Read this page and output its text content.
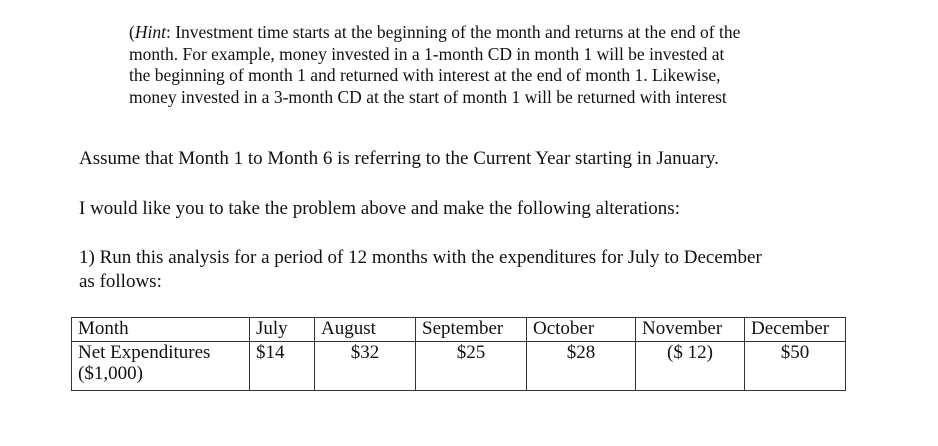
(Hint: Investment time starts at the beginning of the month and returns at the end of the
month. For example, money invested in a 1-month CD in month 1 will be invested at
the beginning of month 1 and returned with interest at the end of month 1. Likewise,
money invested in a 3-month CD at the start of month 1 will be returned with interest

Assume that Month 1 to Month 6 is referring to the Current Year starting in January.

I would like you to take the problem above and make the following alterations:

1) Run this analysis for a period of 12 months with the expenditures for July to December

as follows:

Month	July	August	September	October	November	December
Net Expenditures
($1,000)	$14	$32	$25	$28	($ 12)	$50
